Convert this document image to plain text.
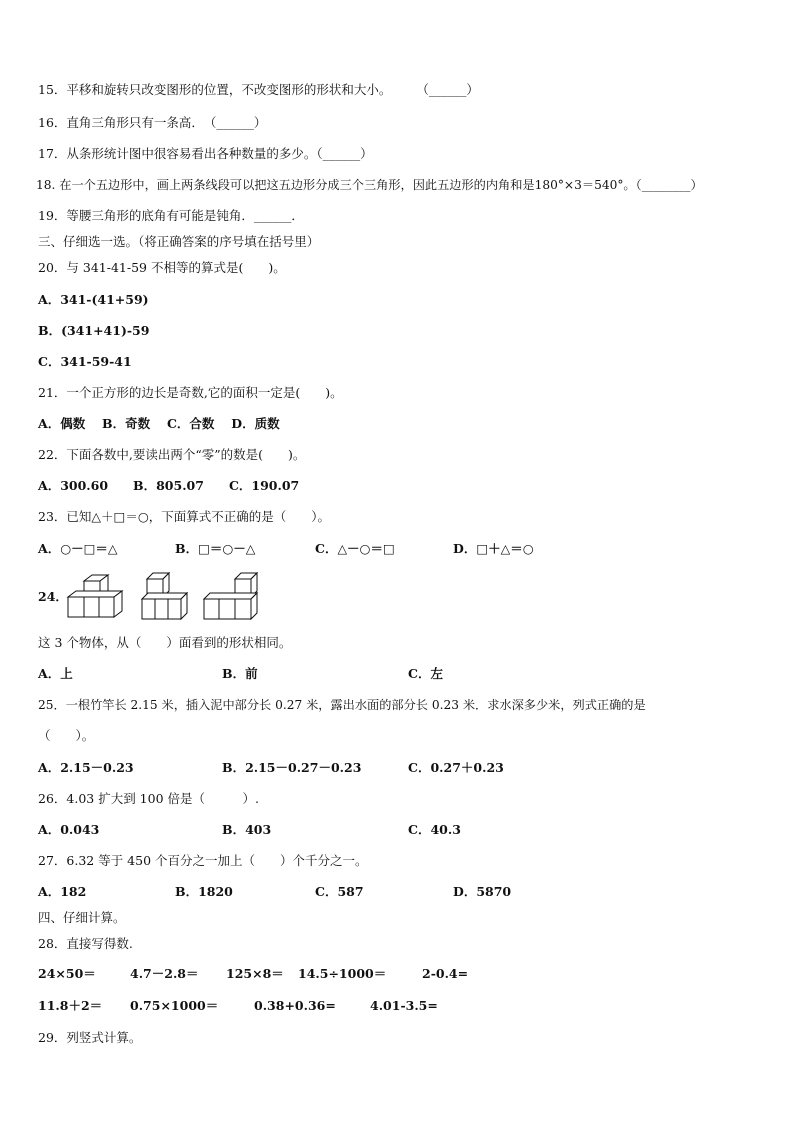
15．平移和旋转只改变图形的位置，不改变图形的形状和大小。　　　（______）
16．直角三角形只有一条高．　（______）
17．从条形统计图中很容易看出各种数量的多少。（______）
18. 在一个五边形中，画上两条线段可以把这五边形分成三个三角形，因此五边形的内角和是180°×3＝540°。（________）
19．等腰三角形的底角有可能是钝角．______．
三、仔细选一选。（将正确答案的序号填在括号里）
20．与 341-41-59 不相等的算式是(　　)。
A．341-(41+59)
B．(341+41)-59
C．341-59-41
21．一个正方形的边长是奇数,它的面积一定是(　　)。
A．偶数　 B．奇数　 C．合数　 D．质数
22．下面各数中,要读出两个“零”的数是(　　)。
A．300.60　　B．805.07　　C．190.07
23．已知△＋□＝○，下面算式不正确的是（　　）。
A．○－□＝△	B．□＝○－△	C．△－○＝□	D．□＋△＝○
24．
这 3 个物体，从（　　）面看到的形状相同。
A．上	B．前	C．左
25．一根竹竿长 2.15 米，插入泥中部分长 0.27 米，露出水面的部分长 0.23 米．求水深多少米，列式正确的是
（　　）。
A．2.15－0.23	B．2.15－0.27－0.23	C．0.27＋0.23
26．4.03 扩大到 100 倍是（　　　）.
A．0.043	B．403	C．40.3
27．6.32 等于 450 个百分之一加上（　　）个千分之一。
A．182	B．1820	C．587	D．5870
四、仔细计算。
28．直接写得数.
24×50＝	4.7－2.8＝ 125×8＝ 14.5÷1000＝	2-0.4=
11.8＋2＝ 0.75×1000＝	0.38+0.36=	4.01-3.5=
29．列竖式计算。
